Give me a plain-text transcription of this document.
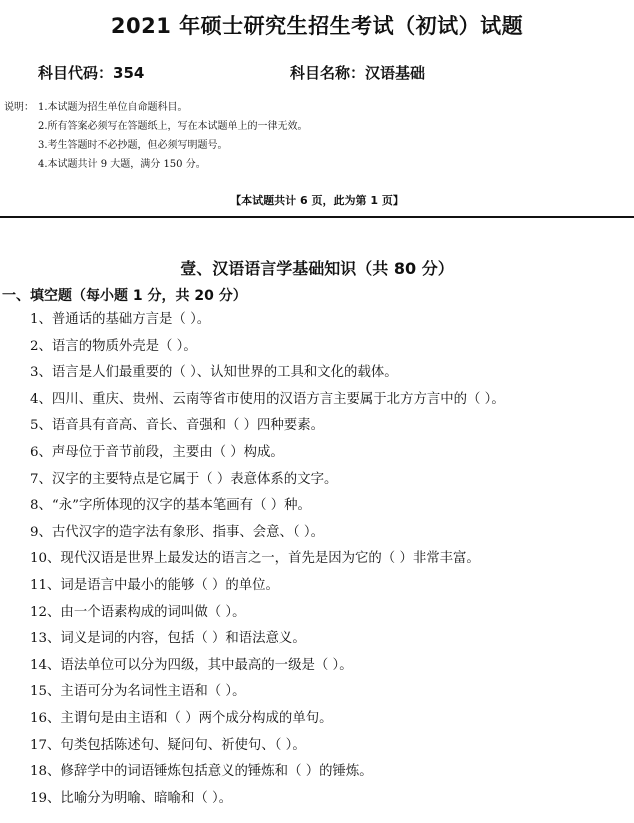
2021 年硕士研究生招生考试（初试）试题
科目代码：354	科目名称：汉语基础
说明： 1.本试题为招生单位自命题科目。
2.所有答案必须写在答题纸上，写在本试题单上的一律无效。
3.考生答题时不必抄题，但必须写明题号。
4.本试题共计 9 大题，满分 150 分。
【本试题共计 6 页，此为第 1 页】
壹、汉语语言学基础知识（共 80 分）
一、填空题（每小题 1 分，共 20 分）
1、普通话的基础方言是（ ）。
2、语言的物质外壳是（ ）。
3、语言是人们最重要的（ ）、认知世界的工具和文化的载体。
4、四川、重庆、贵州、云南等省市使用的汉语方言主要属于北方方言中的（ ）。
5、语音具有音高、音长、音强和（ ）四种要素。
6、声母位于音节前段，主要由（ ）构成。
7、汉字的主要特点是它属于（ ）表意体系的文字。
8、“永”字所体现的汉字的基本笔画有（ ）种。
9、古代汉字的造字法有象形、指事、会意、（ ）。
10、现代汉语是世界上最发达的语言之一，首先是因为它的（ ）非常丰富。
11、词是语言中最小的能够（ ）的单位。
12、由一个语素构成的词叫做（ ）。
13、词义是词的内容，包括（ ）和语法意义。
14、语法单位可以分为四级，其中最高的一级是（ ）。
15、主语可分为名词性主语和（ ）。
16、主谓句是由主语和（ ）两个成分构成的单句。
17、句类包括陈述句、疑问句、祈使句、（ ）。
18、修辞学中的词语锤炼包括意义的锤炼和（ ）的锤炼。
19、比喻分为明喻、暗喻和（ ）。
